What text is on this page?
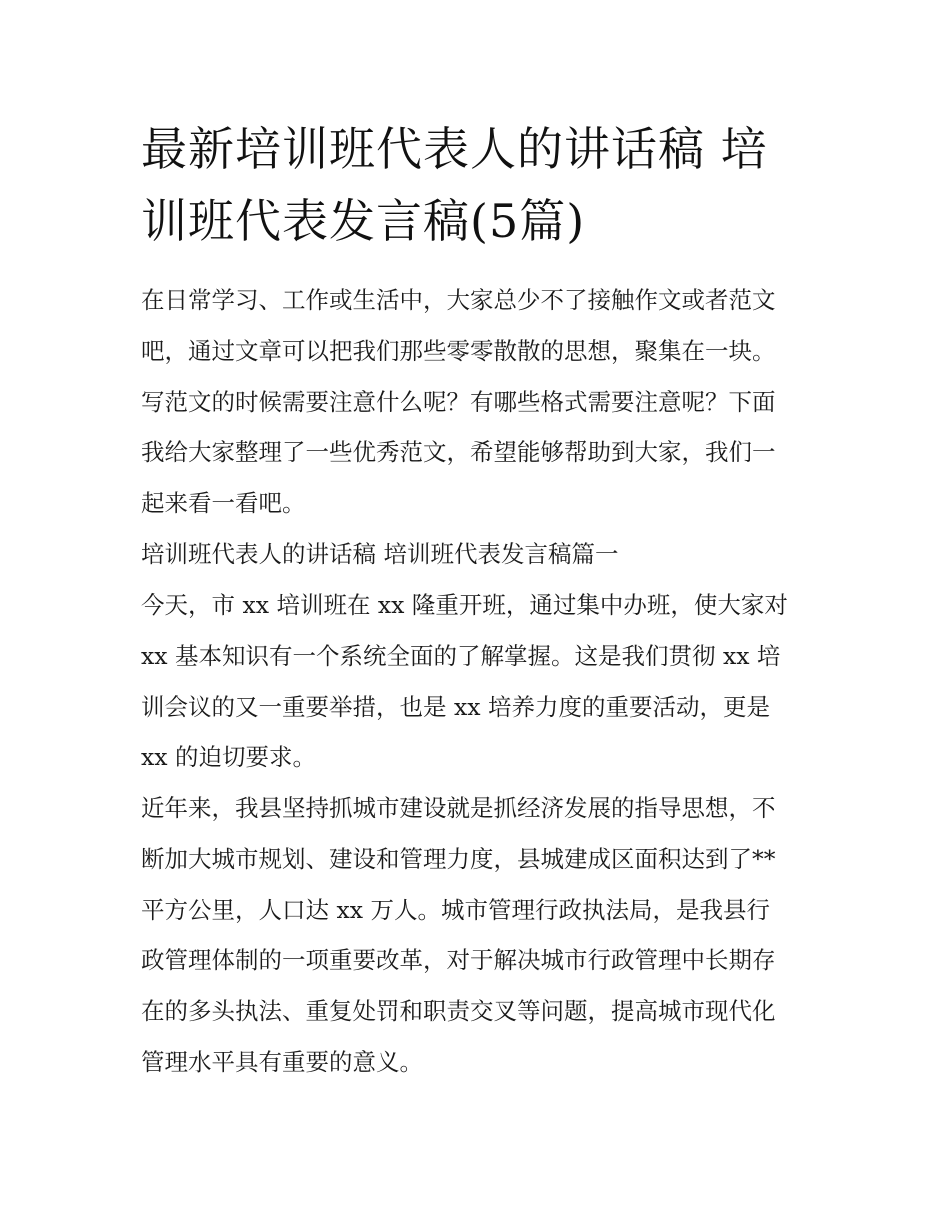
最新培训班代表人的讲话稿 培
训班代表发言稿(5篇)
在日常学习、工作或生活中，大家总少不了接触作文或者范文
吧，通过文章可以把我们那些零零散散的思想，聚集在一块。
写范文的时候需要注意什么呢？有哪些格式需要注意呢？下面
我给大家整理了一些优秀范文，希望能够帮助到大家，我们一
起来看一看吧。
培训班代表人的讲话稿 培训班代表发言稿篇一
今天，市 xx 培训班在 xx 隆重开班，通过集中办班，使大家对
xx 基本知识有一个系统全面的了解掌握。这是我们贯彻 xx 培
训会议的又一重要举措，也是 xx 培养力度的重要活动，更是
xx 的迫切要求。
近年来，我县坚持抓城市建设就是抓经济发展的指导思想，不
断加大城市规划、建设和管理力度，县城建成区面积达到了**
平方公里，人口达 xx 万人。城市管理行政执法局，是我县行
政管理体制的一项重要改革，对于解决城市行政管理中长期存
在的多头执法、重复处罚和职责交叉等问题，提高城市现代化
管理水平具有重要的意义。
